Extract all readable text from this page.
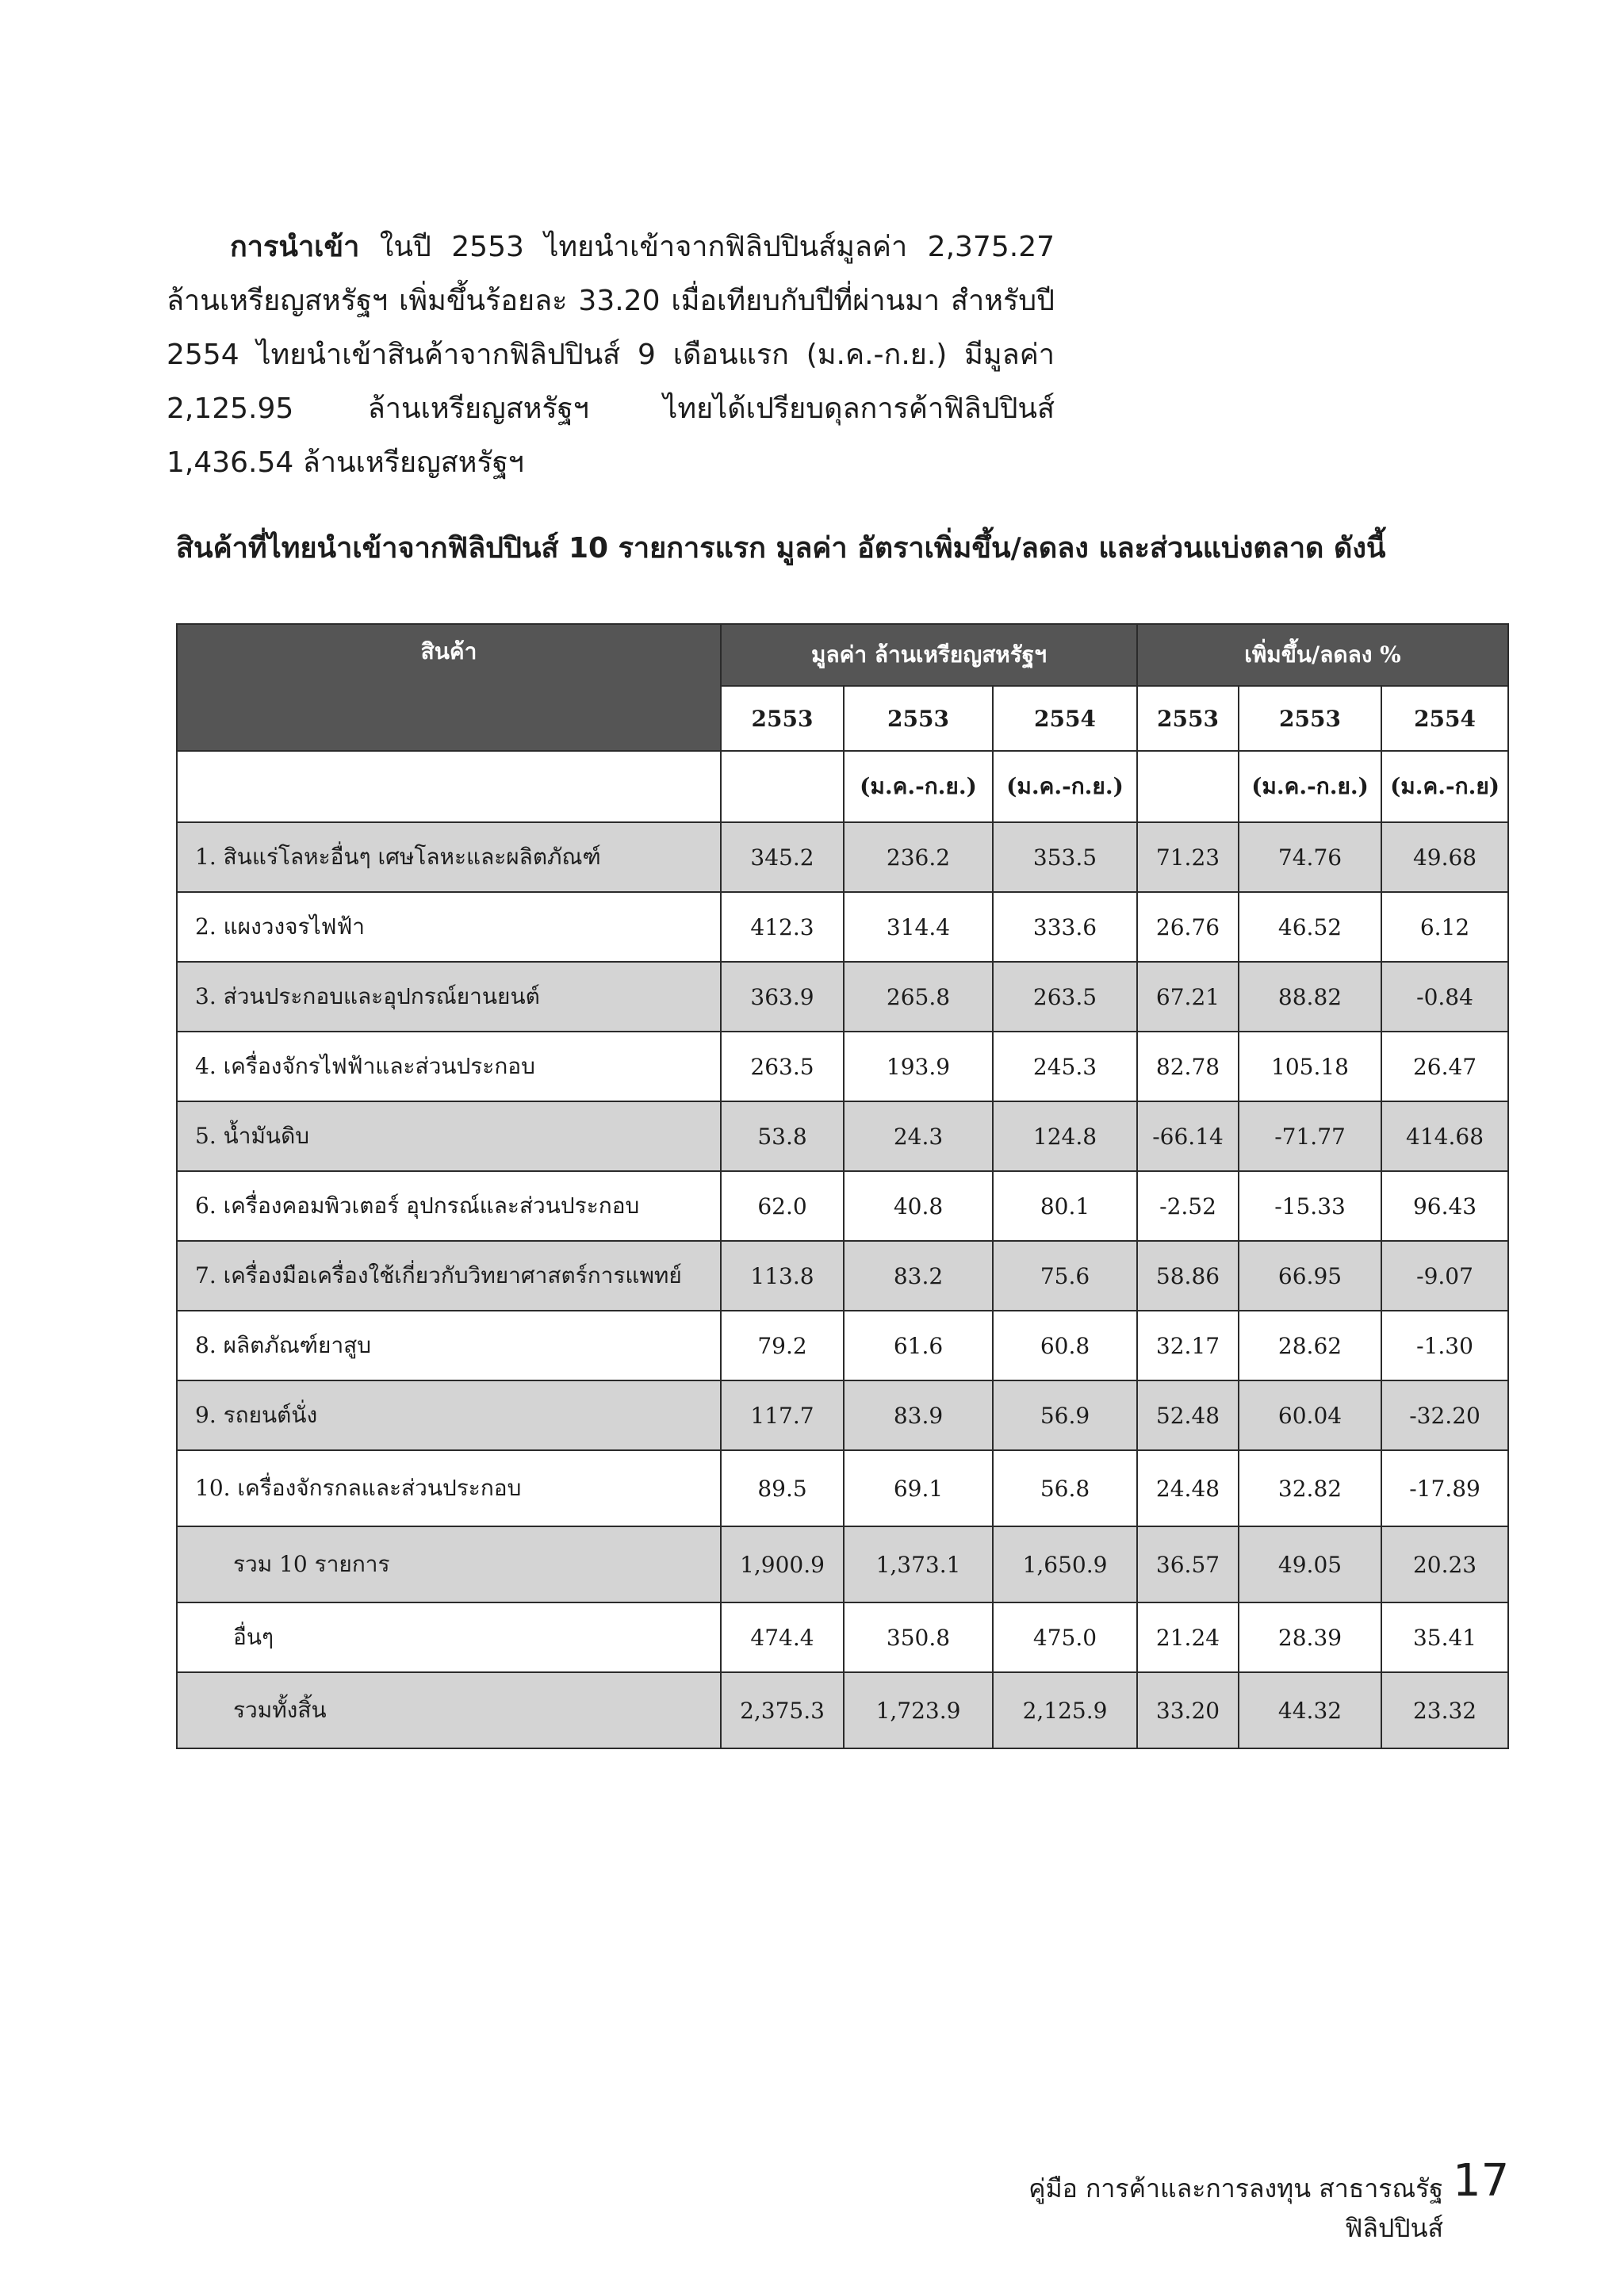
การนำเข้า ในปี 2553 ไทยนำเข้าจากฟิลิปปินส์มูลค่า 2,375.27 ล้านเหรียญสหรัฐฯ เพิ่มขึ้นร้อยละ 33.20 เมื่อเทียบกับปีที่ผ่านมา สำหรับปี 2554 ไทยนำเข้าสินค้าจากฟิลิปปินส์ 9 เดือนแรก (ม.ค.-ก.ย.) มีมูลค่า 2,125.95 ล้านเหรียญสหรัฐฯ ไทยได้เปรียบดุลการค้าฟิลิปปินส์ 1,436.54 ล้านเหรียญสหรัฐฯ
สินค้าที่ไทยนำเข้าจากฟิลิปปินส์ 10 รายการแรก มูลค่า อัตราเพิ่มขึ้น/ลดลง และส่วนแบ่งตลาด ดังนี้
สินค้า	มูลค่า ล้านเหรียญสหรัฐฯ			เพิ่มขึ้น/ลดลง %		
	2553	2553	2554	2553	2553	2554
		(ม.ค.-ก.ย.)	(ม.ค.-ก.ย.)		(ม.ค.-ก.ย.)	(ม.ค.-ก.ย)
1. สินแร่โลหะอื่นๆ เศษโลหะและผลิตภัณฑ์	345.2	236.2	353.5	71.23	74.76	49.68
2. แผงวงจรไฟฟ้า	412.3	314.4	333.6	26.76	46.52	6.12
3. ส่วนประกอบและอุปกรณ์ยานยนต์	363.9	265.8	263.5	67.21	88.82	-0.84
4. เครื่องจักรไฟฟ้าและส่วนประกอบ	263.5	193.9	245.3	82.78	105.18	26.47
5. น้ำมันดิบ	53.8	24.3	124.8	-66.14	-71.77	414.68
6. เครื่องคอมพิวเตอร์ อุปกรณ์และส่วนประกอบ	62.0	40.8	80.1	-2.52	-15.33	96.43
7. เครื่องมือเครื่องใช้เกี่ยวกับวิทยาศาสตร์การแพทย์	113.8	83.2	75.6	58.86	66.95	-9.07
8. ผลิตภัณฑ์ยาสูบ	79.2	61.6	60.8	32.17	28.62	-1.30
9. รถยนต์นั่ง	117.7	83.9	56.9	52.48	60.04	-32.20
10. เครื่องจักรกลและส่วนประกอบ	89.5	69.1	56.8	24.48	32.82	-17.89
รวม 10 รายการ	1,900.9	1,373.1	1,650.9	36.57	49.05	20.23
อื่นๆ	474.4	350.8	475.0	21.24	28.39	35.41
รวมทั้งสิ้น	2,375.3	1,723.9	2,125.9	33.20	44.32	23.32
คู่มือ การค้าและการลงทุน สาธารณรัฐฟิลิปปินส์
17
